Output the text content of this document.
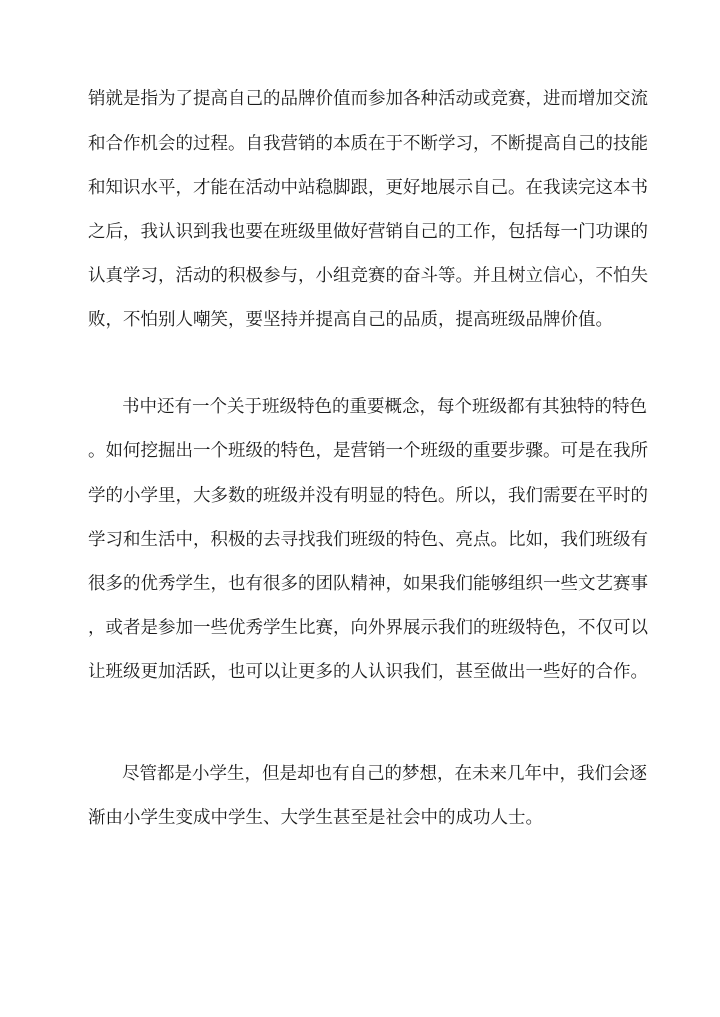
销就是指为了提高自己的品牌价值而参加各种活动或竞赛，进而增加交流
和合作机会的过程。自我营销的本质在于不断学习，不断提高自己的技能
和知识水平，才能在活动中站稳脚跟，更好地展示自己。在我读完这本书
之后，我认识到我也要在班级里做好营销自己的工作，包括每一门功课的
认真学习，活动的积极参与，小组竞赛的奋斗等。并且树立信心，不怕失
败，不怕别人嘲笑，要坚持并提高自己的品质，提高班级品牌价值。
书中还有一个关于班级特色的重要概念，每个班级都有其独特的特色
。如何挖掘出一个班级的特色，是营销一个班级的重要步骤。可是在我所
学的小学里，大多数的班级并没有明显的特色。所以，我们需要在平时的
学习和生活中，积极的去寻找我们班级的特色、亮点。比如，我们班级有
很多的优秀学生，也有很多的团队精神，如果我们能够组织一些文艺赛事
，或者是参加一些优秀学生比赛，向外界展示我们的班级特色，不仅可以
让班级更加活跃，也可以让更多的人认识我们，甚至做出一些好的合作。
尽管都是小学生，但是却也有自己的梦想，在未来几年中，我们会逐
渐由小学生变成中学生、大学生甚至是社会中的成功人士。
